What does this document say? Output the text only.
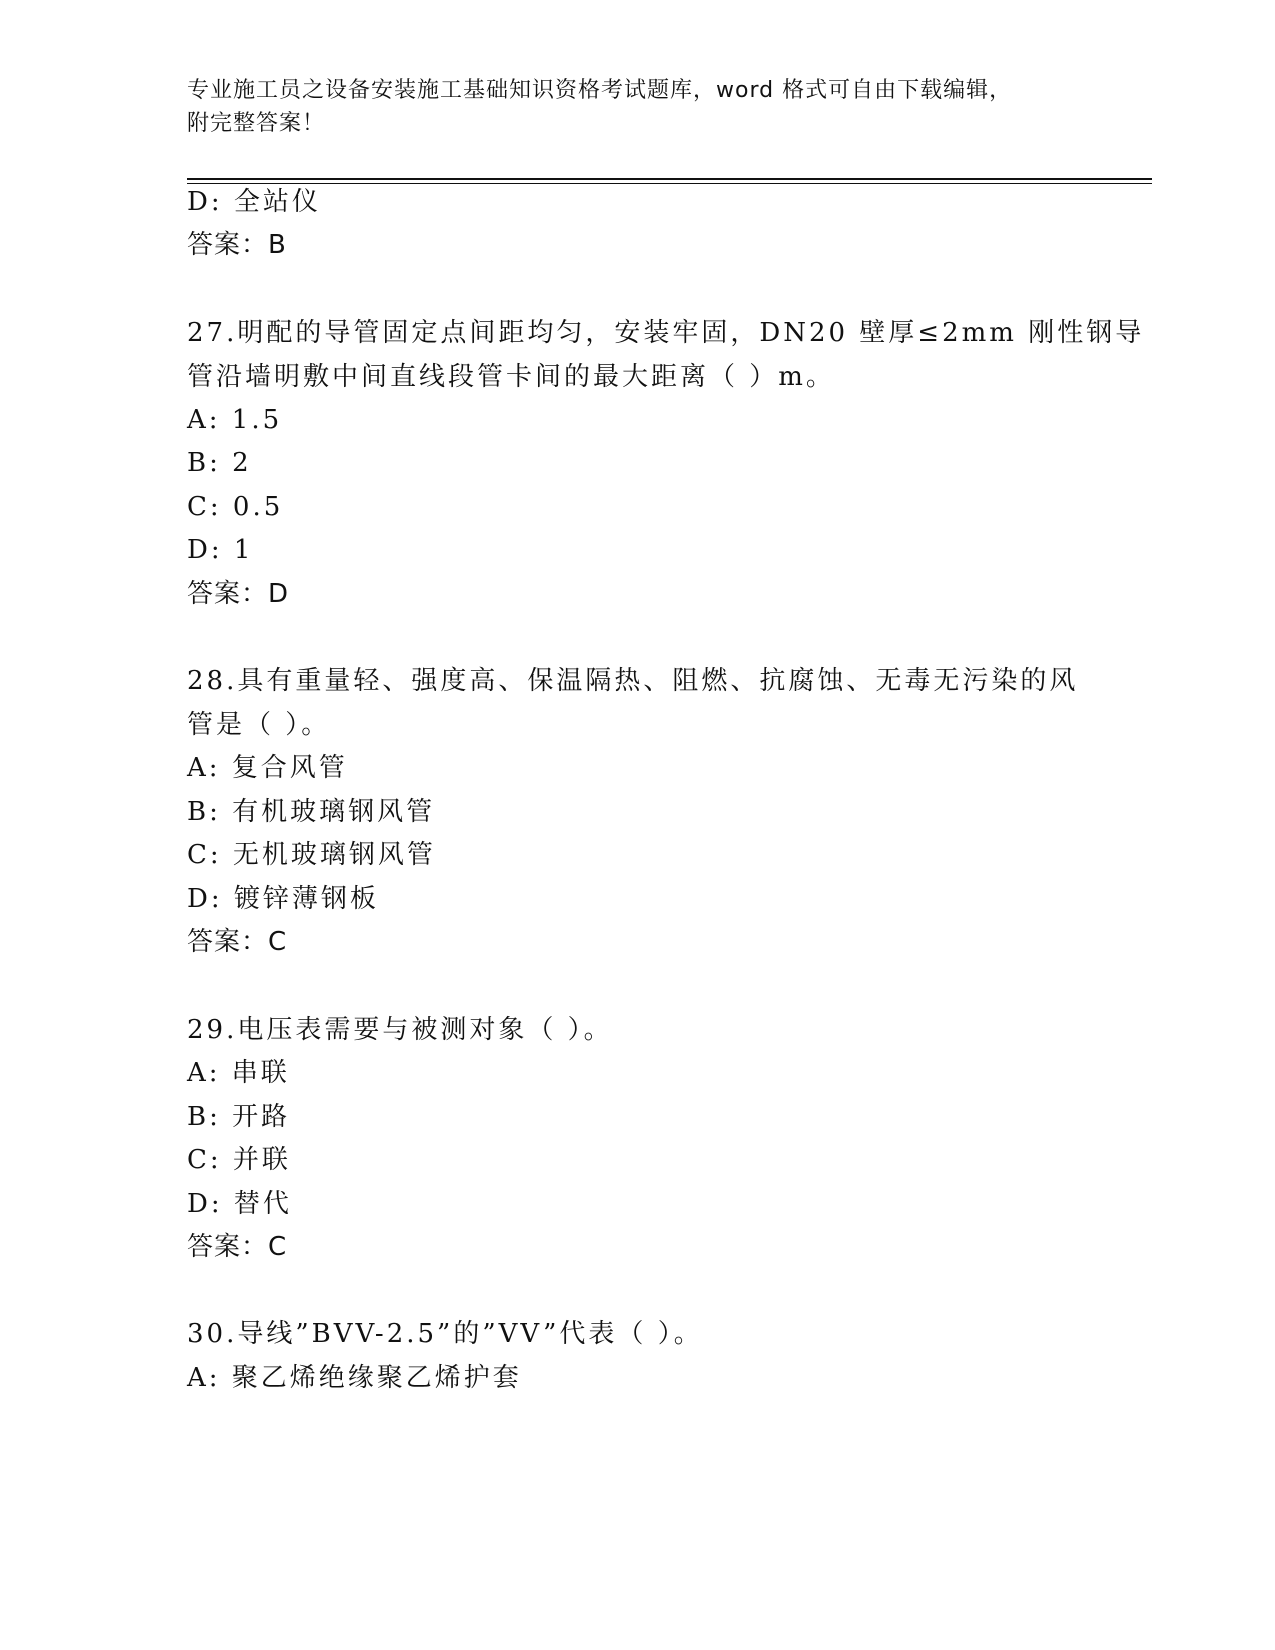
专业施工员之设备安装施工基础知识资格考试题库，word 格式可自由下载编辑，
附完整答案！
D: 全站仪
答案：B
27.明配的导管固定点间距均匀，安装牢固，DN20 壁厚≤2mm 刚性钢导
管沿墙明敷中间直线段管卡间的最大距离（ ）m。
A: 1.5
B: 2
C: 0.5
D: 1
答案：D
28.具有重量轻、强度高、保温隔热、阻燃、抗腐蚀、无毒无污染的风
管是（ ）。
A: 复合风管
B: 有机玻璃钢风管
C: 无机玻璃钢风管
D: 镀锌薄钢板
答案：C
29.电压表需要与被测对象（ ）。
A: 串联
B: 开路
C: 并联
D: 替代
答案：C
30.导线”BVV-2.5”的”VV”代表（ ）。
A: 聚乙烯绝缘聚乙烯护套
